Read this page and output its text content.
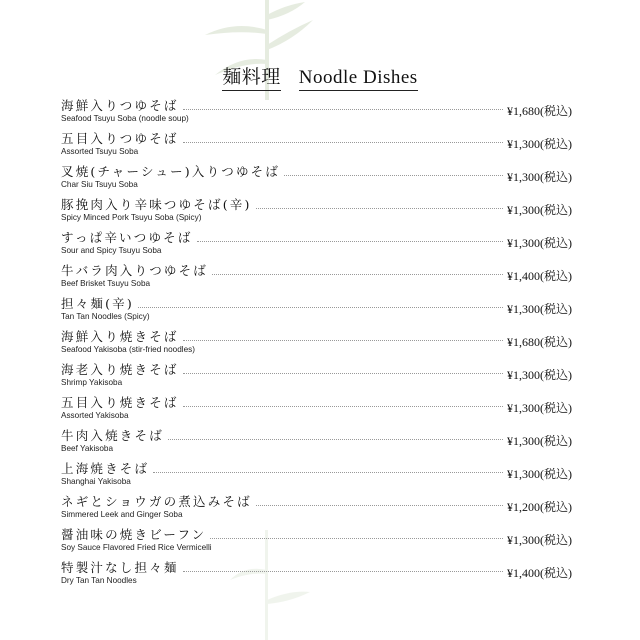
麺料理 Noodle Dishes
海鮮入りつゆそば
Seafood Tsuyu Soba (noodle soup)
¥1,680(税込)
五目入りつゆそば
Assorted Tsuyu Soba
¥1,300(税込)
叉焼(チャーシュー)入りつゆそば
Char Siu Tsuyu Soba
¥1,300(税込)
豚挽肉入り辛味つゆそば(辛)
Spicy Minced Pork Tsuyu Soba (Spicy)
¥1,300(税込)
すっぱ辛いつゆそば
Sour and Spicy Tsuyu Soba
¥1,300(税込)
牛バラ肉入りつゆそば
Beef Brisket Tsuyu Soba
¥1,400(税込)
担々麺(辛)
Tan Tan Noodles (Spicy)
¥1,300(税込)
海鮮入り焼きそば
Seafood Yakisoba (stir-fried noodles)
¥1,680(税込)
海老入り焼きそば
Shrimp Yakisoba
¥1,300(税込)
五目入り焼きそば
Assorted Yakisoba
¥1,300(税込)
牛肉入焼きそば
Beef Yakisoba
¥1,300(税込)
上海焼きそば
Shanghai Yakisoba
¥1,300(税込)
ネギとショウガの煮込みそば
Simmered Leek and Ginger Soba
¥1,200(税込)
醤油味の焼きビーフン
Soy Sauce Flavored Fried Rice Vermicelli
¥1,300(税込)
特製汁なし担々麺
Dry Tan Tan Noodles
¥1,400(税込)
